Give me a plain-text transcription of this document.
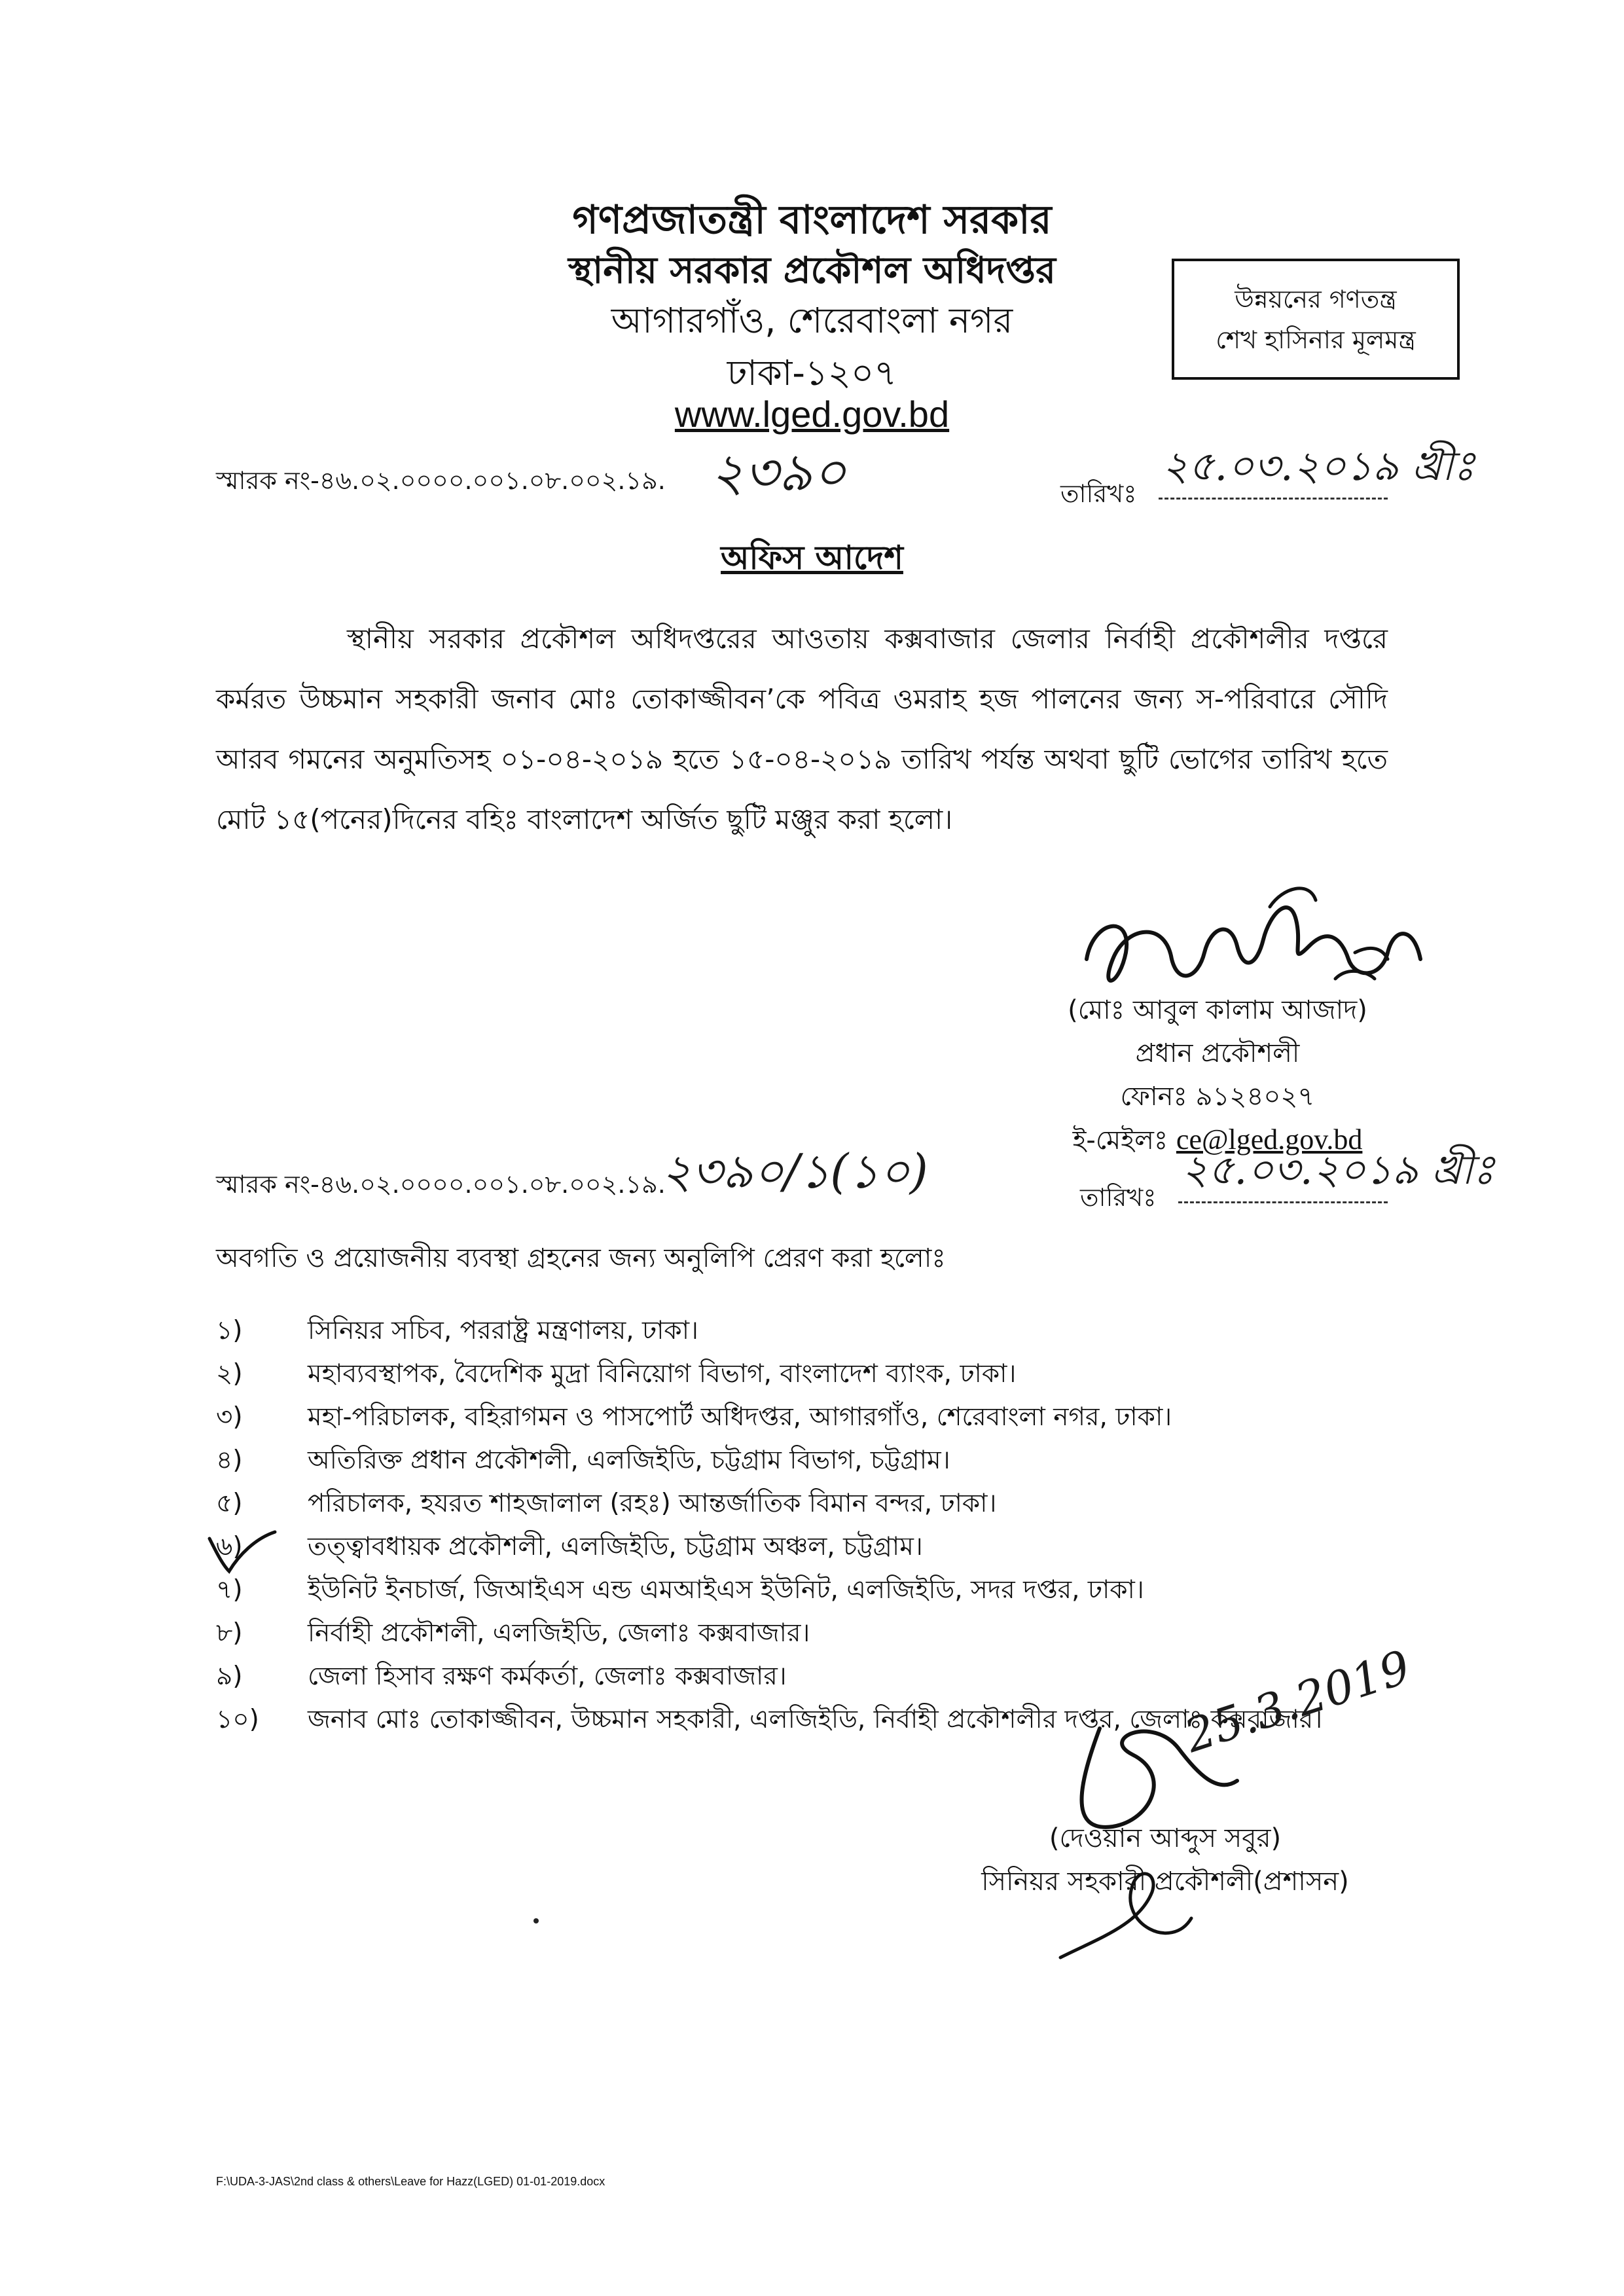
গণপ্রজাতন্ত্রী বাংলাদেশ সরকার
স্থানীয় সরকার প্রকৌশল অধিদপ্তর
আগারগাঁও, শেরেবাংলা নগর
ঢাকা-১২০৭
www.lged.gov.bd
উন্নয়নের গণতন্ত্র
শেখ হাসিনার মূলমন্ত্র
স্মারক নং-৪৬.০২.০০০০.০০১.০৮.০০২.১৯. ২৩৯০	তারিখঃ
২৫.০৩.২০১৯ খ্রীঃ
অফিস আদেশ
স্থানীয় সরকার প্রকৌশল অধিদপ্তরের আওতায় কক্সবাজার জেলার নির্বাহী প্রকৌশলীর দপ্তরে কর্মরত উচ্চমান সহকারী জনাব মোঃ তোকাজ্জীবন’কে পবিত্র ওমরাহ হজ পালনের জন্য স-পরিবারে সৌদি আরব গমনের অনুমতিসহ ০১-০৪-২০১৯ হতে ১৫-০৪-২০১৯ তারিখ পর্যন্ত অথবা ছুটি ভোগের তারিখ হতে মোট ১৫(পনের)দিনের বহিঃ বাংলাদেশ অর্জিত ছুটি মঞ্জুর করা হলো।
(মোঃ আবুল কালাম আজাদ)
প্রধান প্রকৌশলী
ফোনঃ ৯১২৪০২৭
ই-মেইলঃ ce@lged.gov.bd
স্মারক নং-৪৬.০২.০০০০.০০১.০৮.০০২.১৯.
২৩৯০/১(১০)	তারিখঃ
২৫.০৩.২০১৯ খ্রীঃ
অবগতি ও প্রয়োজনীয় ব্যবস্থা গ্রহনের জন্য অনুলিপি প্রেরণ করা হলোঃ
১)	সিনিয়র সচিব, পররাষ্ট্র মন্ত্রণালয়, ঢাকা।
২)	মহাব্যবস্থাপক, বৈদেশিক মুদ্রা বিনিয়োগ বিভাগ, বাংলাদেশ ব্যাংক, ঢাকা।
৩)	মহা-পরিচালক, বহিরাগমন ও পাসপোর্ট অধিদপ্তর, আগারগাঁও, শেরেবাংলা নগর, ঢাকা।
৪)	অতিরিক্ত প্রধান প্রকৌশলী, এলজিইডি, চট্টগ্রাম বিভাগ, চট্টগ্রাম।
৫)	পরিচালক, হযরত শাহজালাল (রহঃ) আন্তর্জাতিক বিমান বন্দর, ঢাকা।
৬)	তত্ত্বাবধায়ক প্রকৌশলী, এলজিইডি, চট্টগ্রাম অঞ্চল, চট্টগ্রাম।
৭)	ইউনিট ইনচার্জ, জিআইএস এন্ড এমআইএস ইউনিট, এলজিইডি, সদর দপ্তর, ঢাকা।
৮)	নির্বাহী প্রকৌশলী, এলজিইডি, জেলাঃ কক্সবাজার।
৯)	জেলা হিসাব রক্ষণ কর্মকর্তা, জেলাঃ কক্সবাজার।
১০)	জনাব মোঃ তোকাজ্জীবন, উচ্চমান সহকারী, এলজিইডি, নির্বাহী প্রকৌশলীর দপ্তর, জেলাঃ কক্সবাজার।
25.3.2019
(দেওয়ান আব্দুস সবুর)
সিনিয়র সহকারী প্রকৌশলী(প্রশাসন)
F:\UDA-3-JAS\2nd class & others\Leave for Hazz(LGED) 01-01-2019.docx
